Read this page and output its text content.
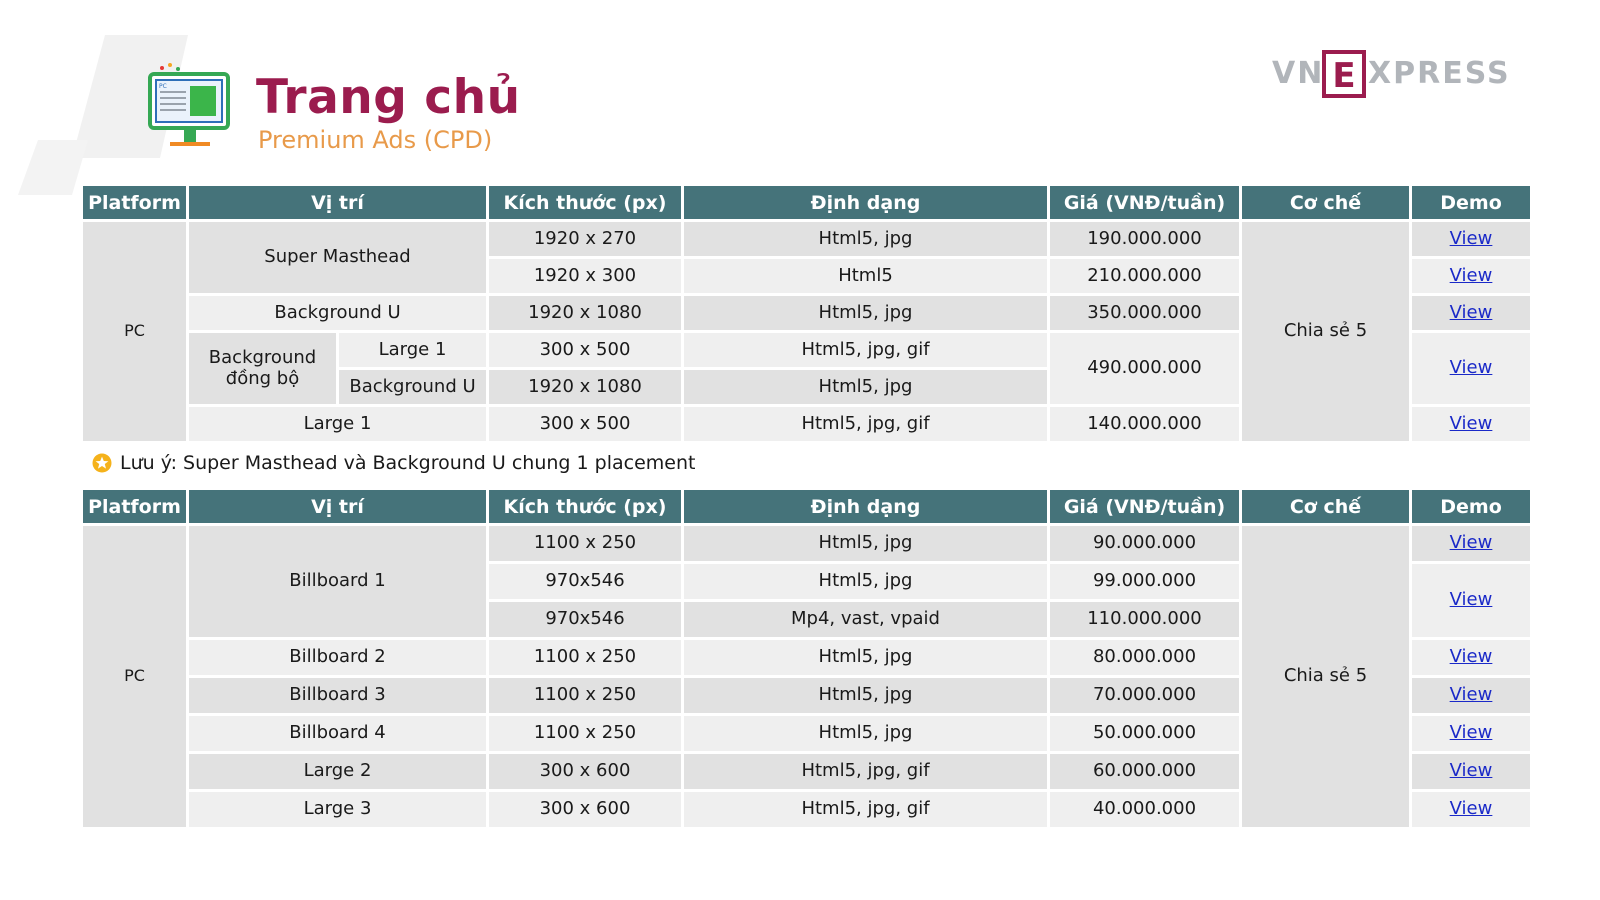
PC Trang chủ
Premium Ads (CPD)
VN E XPRESS
Platform	Vị trí		Kích thước (px)	Định dạng	Giá (VNĐ/tuần)	Cơ chế	Demo
PC	Super Masthead		1920 x 270	Html5, jpg	190.000.000	Chia sẻ 5	View
			1920 x 300	Html5	210.000.000		View
	Background U		1920 x 1080	Html5, jpg	350.000.000		View
	Background đồng bộ	Large 1	300 x 500	Html5, jpg, gif	490.000.000		View
		Background U	1920 x 1080	Html5, jpg			
	Large 1		300 x 500	Html5, jpg, gif	140.000.000		View
Lưu ý: Super Masthead và Background U chung 1 placement
Platform	Vị trí	Kích thước (px)	Định dạng	Giá (VNĐ/tuần)	Cơ chế	Demo
PC	Billboard 1	1100 x 250	Html5, jpg	90.000.000	Chia sẻ 5	View
		970x546	Html5, jpg	99.000.000		View
		970x546	Mp4, vast, vpaid	110.000.000		
	Billboard 2	1100 x 250	Html5, jpg	80.000.000		View
	Billboard 3	1100 x 250	Html5, jpg	70.000.000		View
	Billboard 4	1100 x 250	Html5, jpg	50.000.000		View
	Large 2	300 x 600	Html5, jpg, gif	60.000.000		View
	Large 3	300 x 600	Html5, jpg, gif	40.000.000		View
